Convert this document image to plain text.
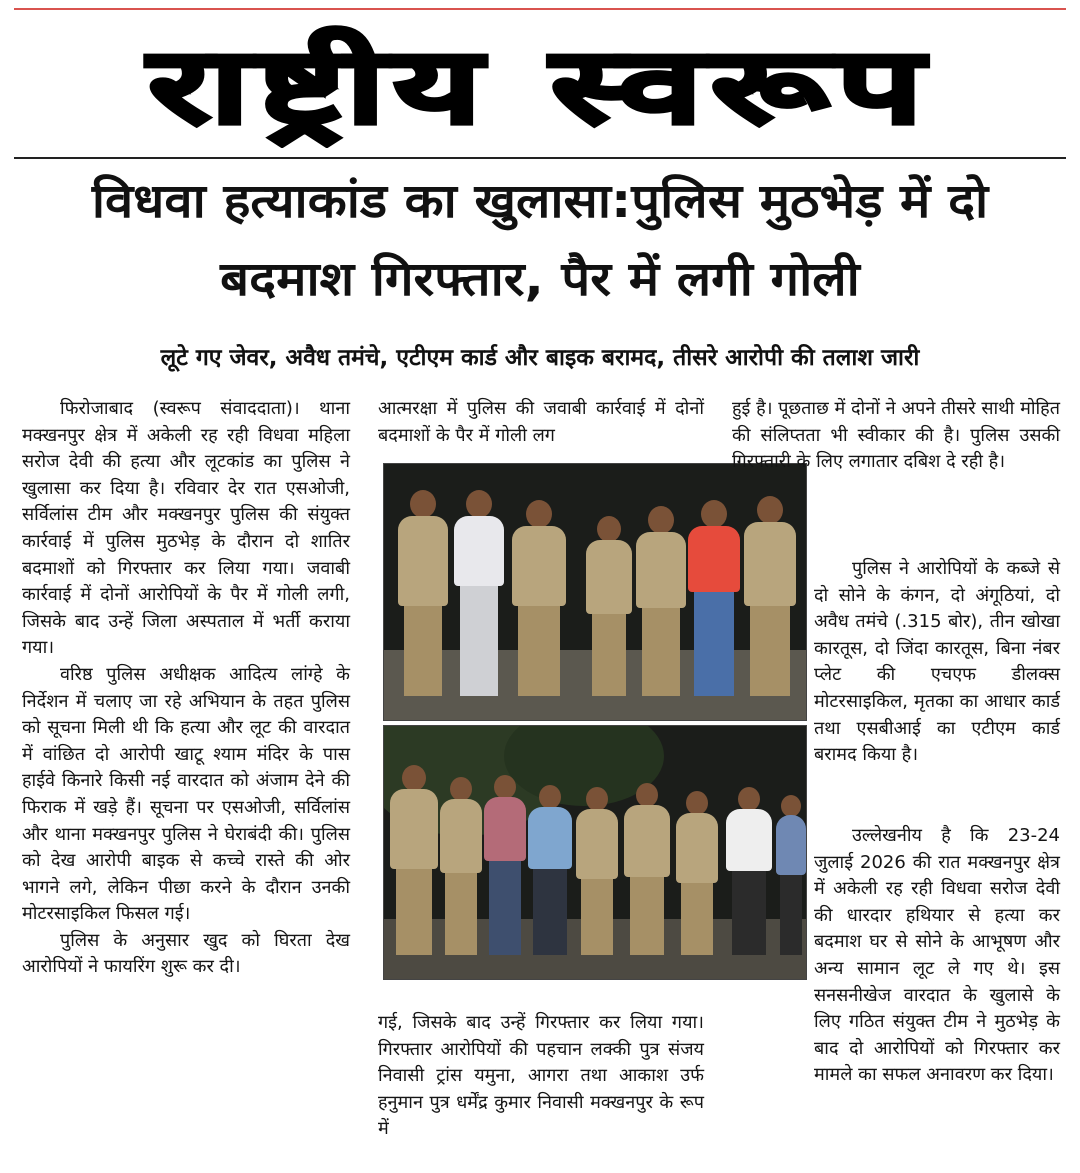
राष्ट्रीय स्वरूप
विधवा हत्याकांड का खुलासा:पुलिस मुठभेड़ में दो
बदमाश गिरफ्तार, पैर में लगी गोली
लूटे गए जेवर, अवैध तमंचे, एटीएम कार्ड और बाइक बरामद, तीसरे आरोपी की तलाश जारी

फिरोजाबाद (स्वरूप संवाददाता)। थाना मक्खनपुर क्षेत्र में अकेली रह रही विधवा महिला सरोज देवी की हत्या और लूटकांड का पुलिस ने खुलासा कर दिया है। रविवार देर रात एसओजी, सर्विलांस टीम और मक्खनपुर पुलिस की संयुक्त कार्रवाई में पुलिस मुठभेड़ के दौरान दो शातिर बदमाशों को गिरफ्तार कर लिया गया। जवाबी कार्रवाई में दोनों आरोपियों के पैर में गोली लगी, जिसके बाद उन्हें जिला अस्पताल में भर्ती कराया गया।

वरिष्ठ पुलिस अधीक्षक आदित्य लांग्हे के निर्देशन में चलाए जा रहे अभियान के तहत पुलिस को सूचना मिली थी कि हत्या और लूट की वारदात में वांछित दो आरोपी खाटू श्याम मंदिर के पास हाईवे किनारे किसी नई वारदात को अंजाम देने की फिराक में खड़े हैं। सूचना पर एसओजी, सर्विलांस और थाना मक्खनपुर पुलिस ने घेराबंदी की। पुलिस को देख आरोपी बाइक से कच्चे रास्ते की ओर भागने लगे, लेकिन पीछा करने के दौरान उनकी मोटरसाइकिल फिसल गई।

पुलिस के अनुसार खुद को घिरता देख आरोपियों ने फायरिंग शुरू कर दी।

आत्मरक्षा में पुलिस की जवाबी कार्रवाई में दोनों बदमाशों के पैर में गोली लग

गई, जिसके बाद उन्हें गिरफ्तार कर लिया गया। गिरफ्तार आरोपियों की पहचान लक्की पुत्र संजय निवासी ट्रांस यमुना, आगरा तथा आकाश उर्फ हनुमान पुत्र धर्मेंद्र कुमार निवासी मक्खनपुर के रूप में

हुई है। पूछताछ में दोनों ने अपने तीसरे साथी मोहित की संलिप्तता भी स्वीकार की है। पुलिस उसकी गिरफ्तारी के लिए लगातार दबिश दे रही है।

पुलिस ने आरोपियों के कब्जे से दो सोने के कंगन, दो अंगूठियां, दो अवैध तमंचे (.315 बोर), तीन खोखा कारतूस, दो जिंदा कारतूस, बिना नंबर प्लेट की एचएफ डीलक्स मोटरसाइकिल, मृतका का आधार कार्ड तथा एसबीआई का एटीएम कार्ड बरामद किया है।

उल्लेखनीय है कि 23-24 जुलाई 2026 की रात मक्खनपुर क्षेत्र में अकेली रह रही विधवा सरोज देवी की धारदार हथियार से हत्या कर बदमाश घर से सोने के आभूषण और अन्य सामान लूट ले गए थे। इस सनसनीखेज वारदात के खुलासे के लिए गठित संयुक्त टीम ने मुठभेड़ के बाद दो आरोपियों को गिरफ्तार कर मामले का सफल अनावरण कर दिया।
